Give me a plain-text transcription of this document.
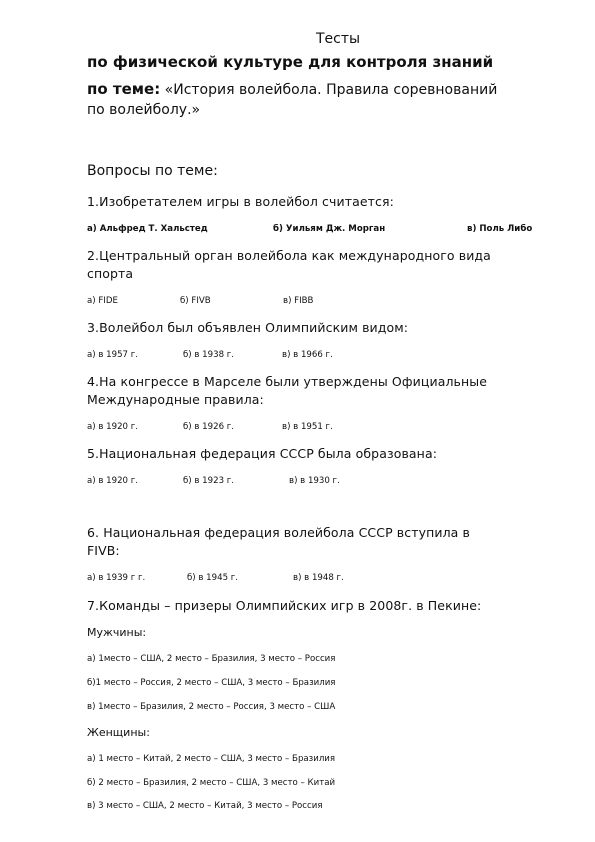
Тесты
по физической культуре для контроля знаний
по теме: «История волейбола. Правила соревнований
по волейболу.»
Вопросы по теме:
1.Изобретателем игры в волейбол считается:
а) Альфред Т. Хальстед	б) Уильям Дж. Морган	в) Поль Либо
2.Центральный орган волейбола как международного вида
спорта
а) FIDE	б) FIVB	в) FIBB
3.Волейбол был объявлен Олимпийским видом:
а) в 1957 г.	б) в 1938 г.	в) в 1966 г.
4.На конгрессе в Марселе были утверждены Официальные
Международные правила:
а) в 1920 г.	б) в 1926 г.	в) в 1951 г.
5.Национальная федерация СССР была образована:
а) в 1920 г.	б) в 1923 г.	в) в 1930 г.
6. Национальная федерация волейбола СССР вступила в
FIVB:
а) в 1939 г г.	б) в 1945 г.	в) в 1948 г.
7.Команды – призеры Олимпийских игр в 2008г. в Пекине:
Мужчины:
а) 1место – США, 2 место – Бразилия, 3 место – Россия
б)1 место – Россия, 2 место – США, 3 место – Бразилия
в) 1место – Бразилия, 2 место – Россия, 3 место – США
Женщины:
а) 1 место – Китай, 2 место – США, 3 место – Бразилия
б) 2 место – Бразилия, 2 место – США, 3 место – Китай
в) 3 место – США, 2 место – Китай, 3 место – Россия
